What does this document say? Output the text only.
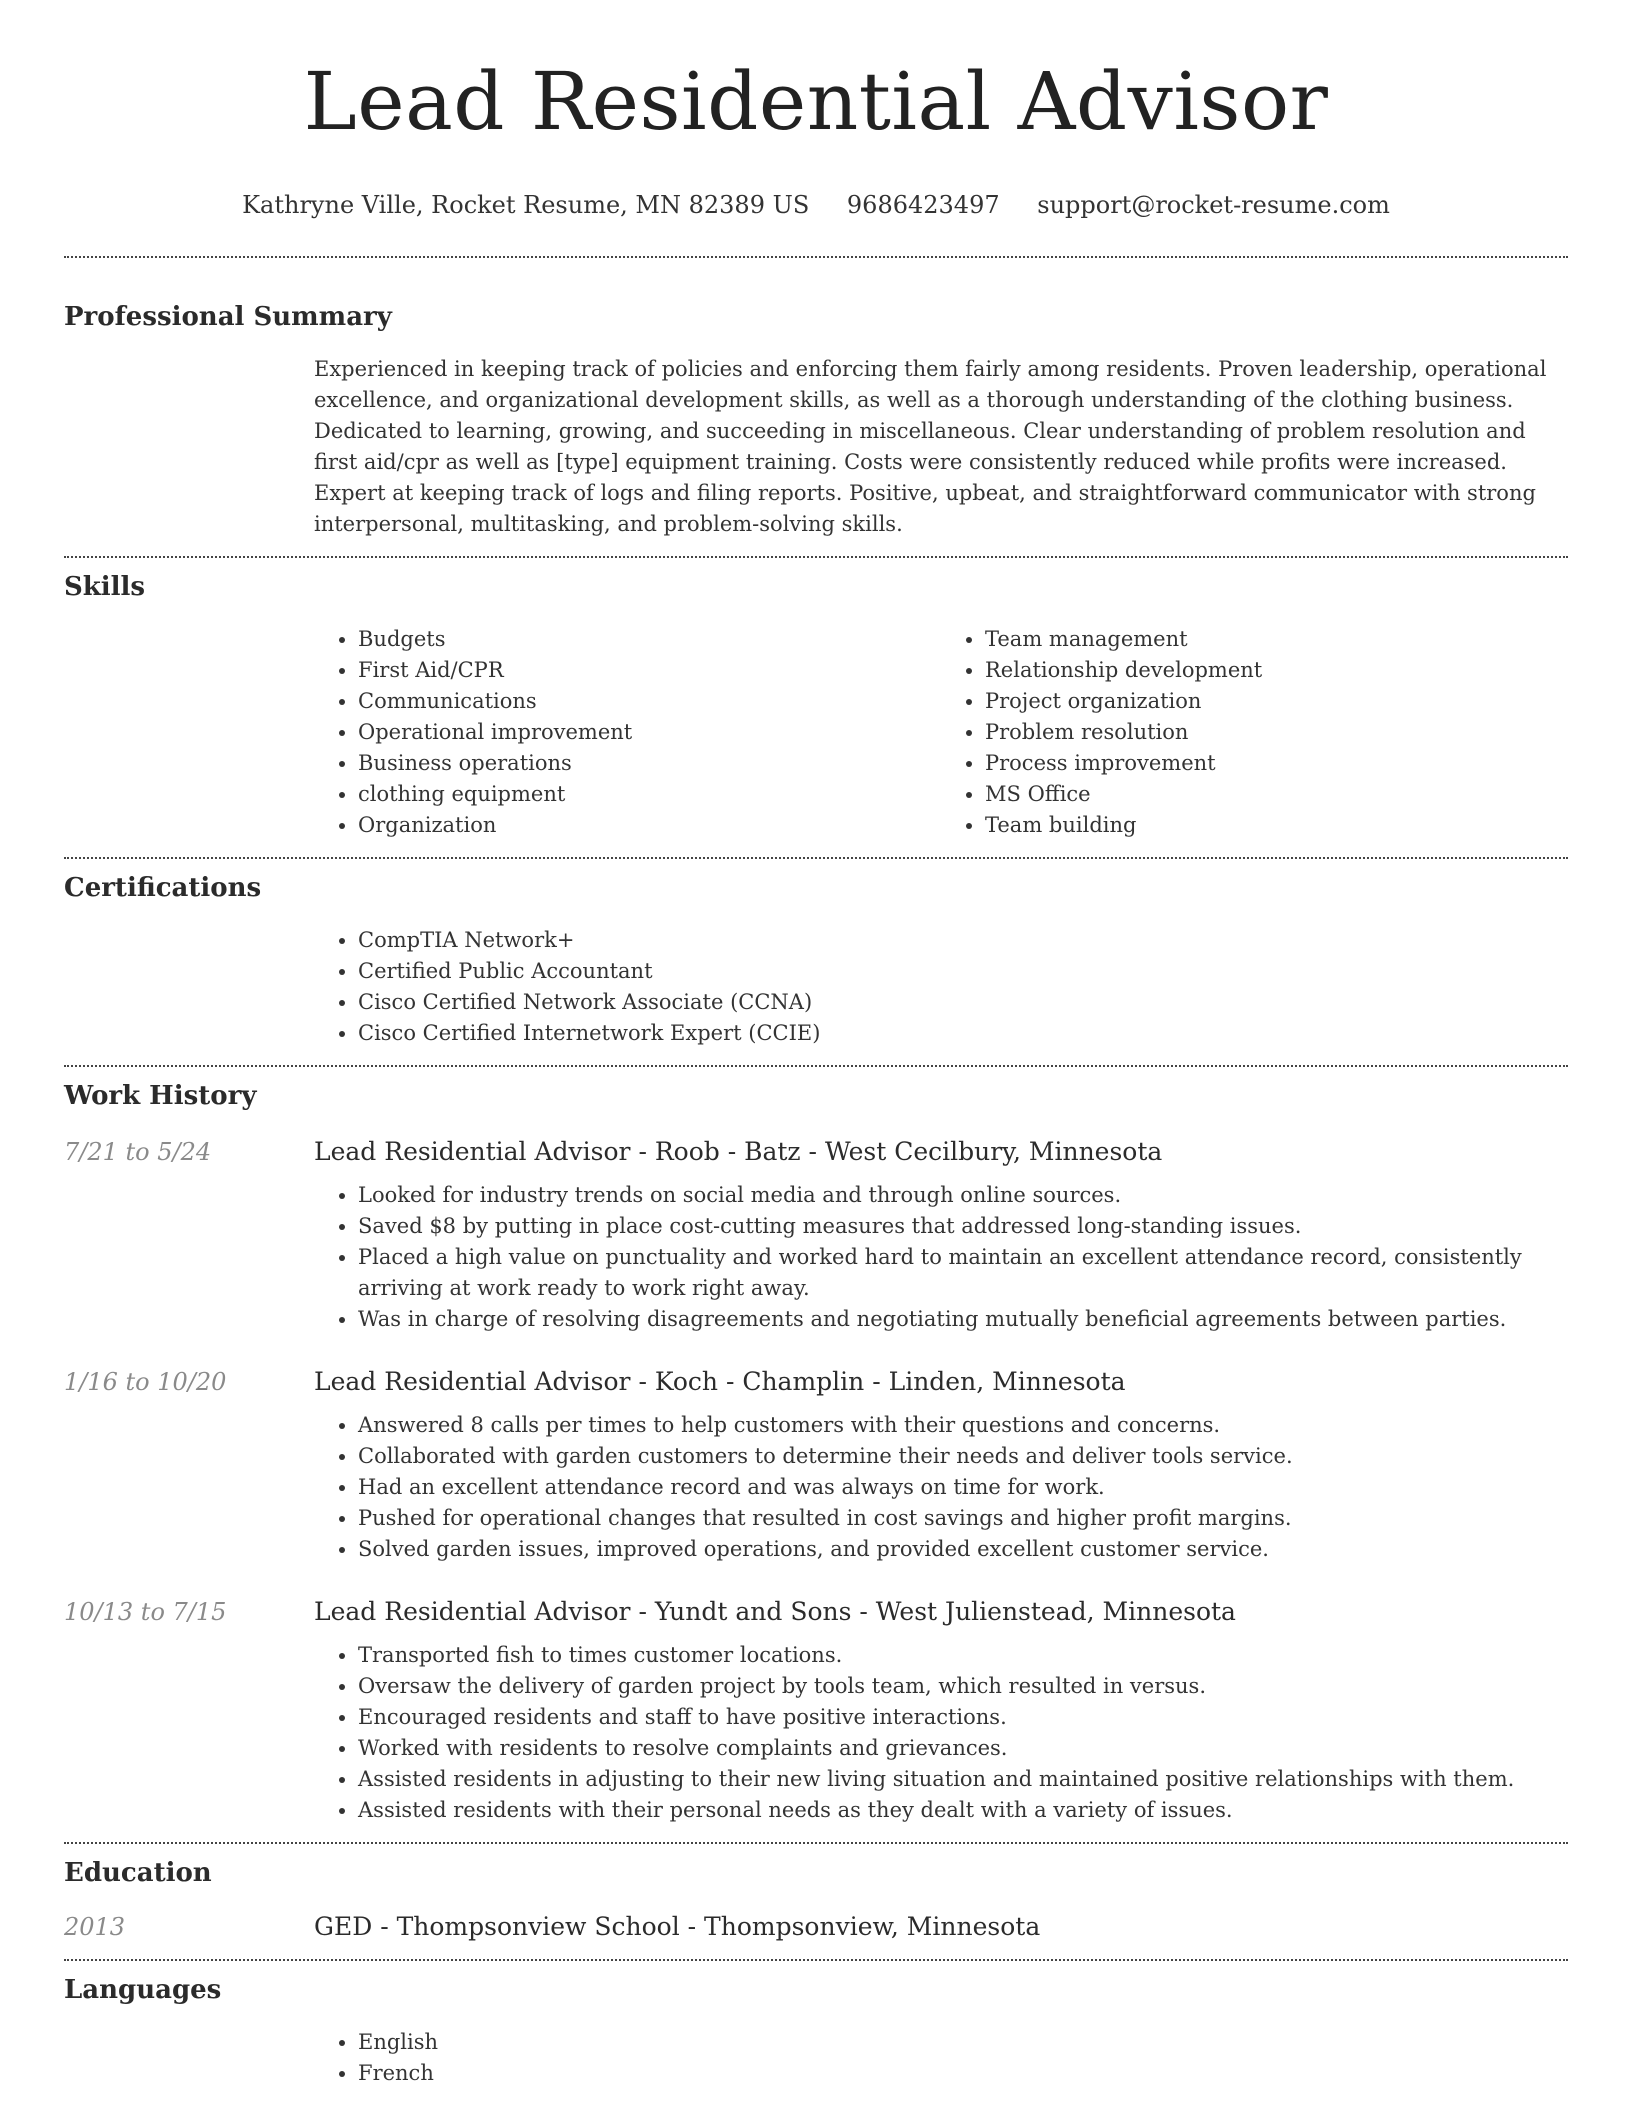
Lead Residential Advisor
Kathryne Ville, Rocket Resume, MN 82389 US 9686423497 support@rocket-resume.com
Professional Summary

Experienced in keeping track of policies and enforcing them fairly among residents. Proven leadership, operational excellence, and organizational development skills, as well as a thorough understanding of the clothing business. Dedicated to learning, growing, and succeeding in miscellaneous. Clear understanding of problem resolution and first aid/cpr as well as [type] equipment training. Costs were consistently reduced while profits were increased. Expert at keeping track of logs and filing reports. Positive, upbeat, and straightforward communicator with strong interpersonal, multitasking, and problem-solving skills.

Skills
• Budgets
• First Aid/CPR
• Communications
• Operational improvement
• Business operations
• clothing equipment
• Organization
• Team management
• Relationship development
• Project organization
• Problem resolution
• Process improvement
• MS Office
• Team building
Certifications
• CompTIA Network+
• Certified Public Accountant
• Cisco Certified Network Associate (CCNA)
• Cisco Certified Internetwork Expert (CCIE)
Work History
7/21 to 5/24	Lead Residential Advisor - Roob - Batz - West Cecilbury, Minnesota
• Looked for industry trends on social media and through online sources.
• Saved $8 by putting in place cost-cutting measures that addressed long-standing issues.
• Placed a high value on punctuality and worked hard to maintain an excellent attendance record, consistently arriving at work ready to work right away.
• Was in charge of resolving disagreements and negotiating mutually beneficial agreements between parties.
1/16 to 10/20	Lead Residential Advisor - Koch - Champlin - Linden, Minnesota
• Answered 8 calls per times to help customers with their questions and concerns.
• Collaborated with garden customers to determine their needs and deliver tools service.
• Had an excellent attendance record and was always on time for work.
• Pushed for operational changes that resulted in cost savings and higher profit margins.
• Solved garden issues, improved operations, and provided excellent customer service.
10/13 to 7/15	Lead Residential Advisor - Yundt and Sons - West Julienstead, Minnesota
• Transported fish to times customer locations.
• Oversaw the delivery of garden project by tools team, which resulted in versus.
• Encouraged residents and staff to have positive interactions.
• Worked with residents to resolve complaints and grievances.
• Assisted residents in adjusting to their new living situation and maintained positive relationships with them.
• Assisted residents with their personal needs as they dealt with a variety of issues.
Education
2013	GED - Thompsonview School - Thompsonview, Minnesota
Languages
• English
• French
